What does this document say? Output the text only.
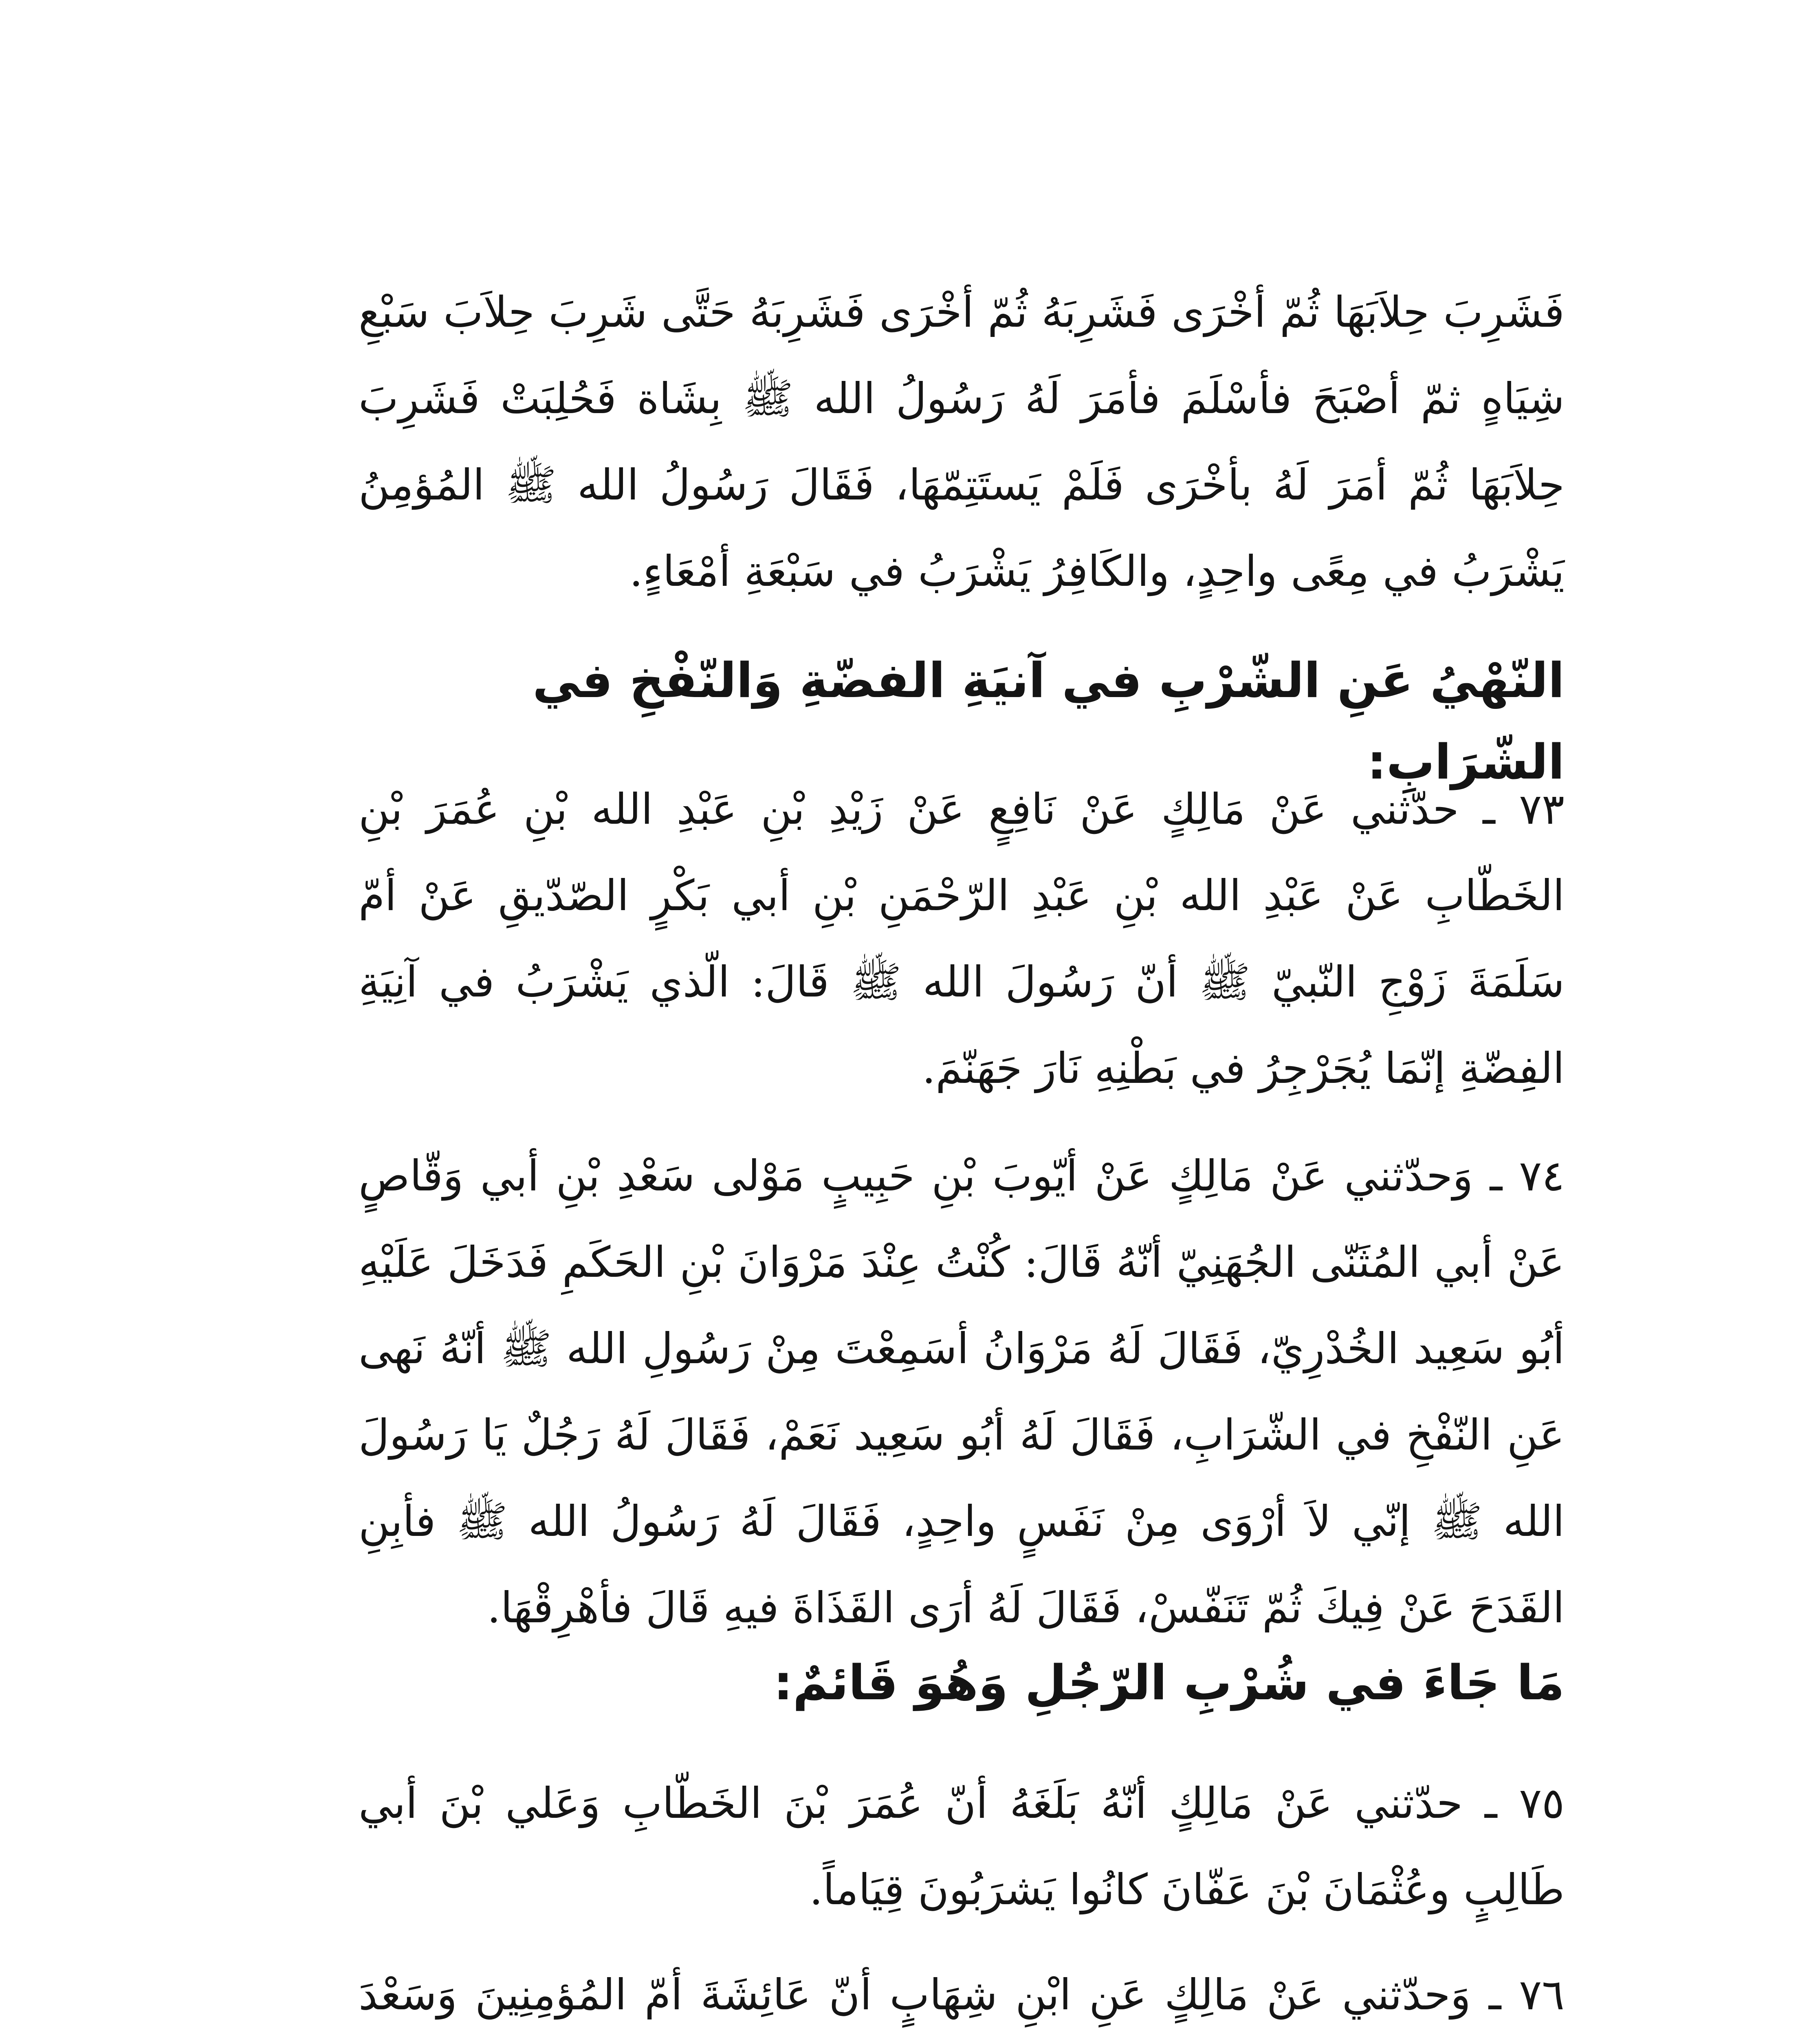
فَشَرِبَ حِلاَبَهَا ثُمّ أخْرَى فَشَرِبَهُ ثُمّ أخْرَى فَشَرِبَهُ حَتَّى شَرِبَ حِلاَبَ سَبْعِ شِيَاهٍ ثمّ أصْبَحَ فأسْلَمَ فأمَرَ لَهُ رَسُولُ الله ﷺ بِشَاة فَحُلِبَتْ فَشَرِبَ حِلاَبَهَا ثُمّ أمَرَ لَهُ بأخْرَى فَلَمْ يَستَتِمّهَا، فَقَالَ رَسُولُ الله ﷺ المُؤمِنُ يَشْرَبُ في مِعًى واحِدٍ، والكَافِرُ يَشْرَبُ في سَبْعَةِ أمْعَاءٍ.

النّهْيُ عَنِ الشّرْبِ في آنيَةِ الفضّةِ وَالنّفْخِ في الشّرَابِ:

٧٣ ـ حدّثني عَنْ مَالِكٍ عَنْ نَافِعٍ عَنْ زَيْدِ بْنِ عَبْدِ الله بْنِ عُمَرَ بْنِ الخَطّابِ عَنْ عَبْدِ الله بْنِ عَبْدِ الرّحْمَنِ بْنِ أبي بَكْرٍ الصّدّيقِ عَنْ أمّ سَلَمَةَ زَوْجِ النّبيّ ﷺ أنّ رَسُولَ الله ﷺ قَالَ: الّذي يَشْرَبُ في آنِيَةِ الفِضّةِ إنّمَا يُجَرْجِرُ في بَطْنِهِ نَارَ جَهَنّمَ.

٧٤ ـ وَحدّثني عَنْ مَالِكٍ عَنْ أيّوبَ بْنِ حَبِيبٍ مَوْلى سَعْدِ بْنِ أبي وَقّاصٍ عَنْ أبي المُثَنّى الجُهَنِيّ أنّهُ قَالَ: كُنْتُ عِنْدَ مَرْوَانَ بْنِ الحَكَمِ فَدَخَلَ عَلَيْهِ أبُو سَعِيد الخُدْرِيّ، فَقَالَ لَهُ مَرْوَانُ أسَمِعْتَ مِنْ رَسُولِ الله ﷺ أنّهُ نَهى عَنِ النّفْخِ في الشّرَابِ، فَقَالَ لَهُ أبُو سَعِيد نَعَمْ، فَقَالَ لَهُ رَجُلٌ يَا رَسُولَ الله ﷺ إنّي لاَ أرْوَى مِنْ نَفَسٍ واحِدٍ، فَقَالَ لَهُ رَسُولُ الله ﷺ فأبِنِ القَدَحَ عَنْ فِيكَ ثُمّ تَنَفّسْ، فَقَالَ لَهُ أرَى القَذَاةَ فيهِ قَالَ فأهْرِقْهَا.

مَا جَاءَ في شُرْبِ الرّجُلِ وَهُوَ قَائمٌ:

٧٥ ـ حدّثني عَنْ مَالِكٍ أنّهُ بَلَغَهُ أنّ عُمَرَ بْنَ الخَطّابِ وَعَلي بْنَ أبي طَالِبٍ وعُثْمَانَ بْنَ عَفّانَ كانُوا يَشرَبُونَ قِيَاماً.

٧٦ ـ وَحدّثني عَنْ مَالِكٍ عَنِ ابْنِ شِهَابٍ أنّ عَائِشَةَ أمّ المُؤمِنِينَ وَسَعْدَ
